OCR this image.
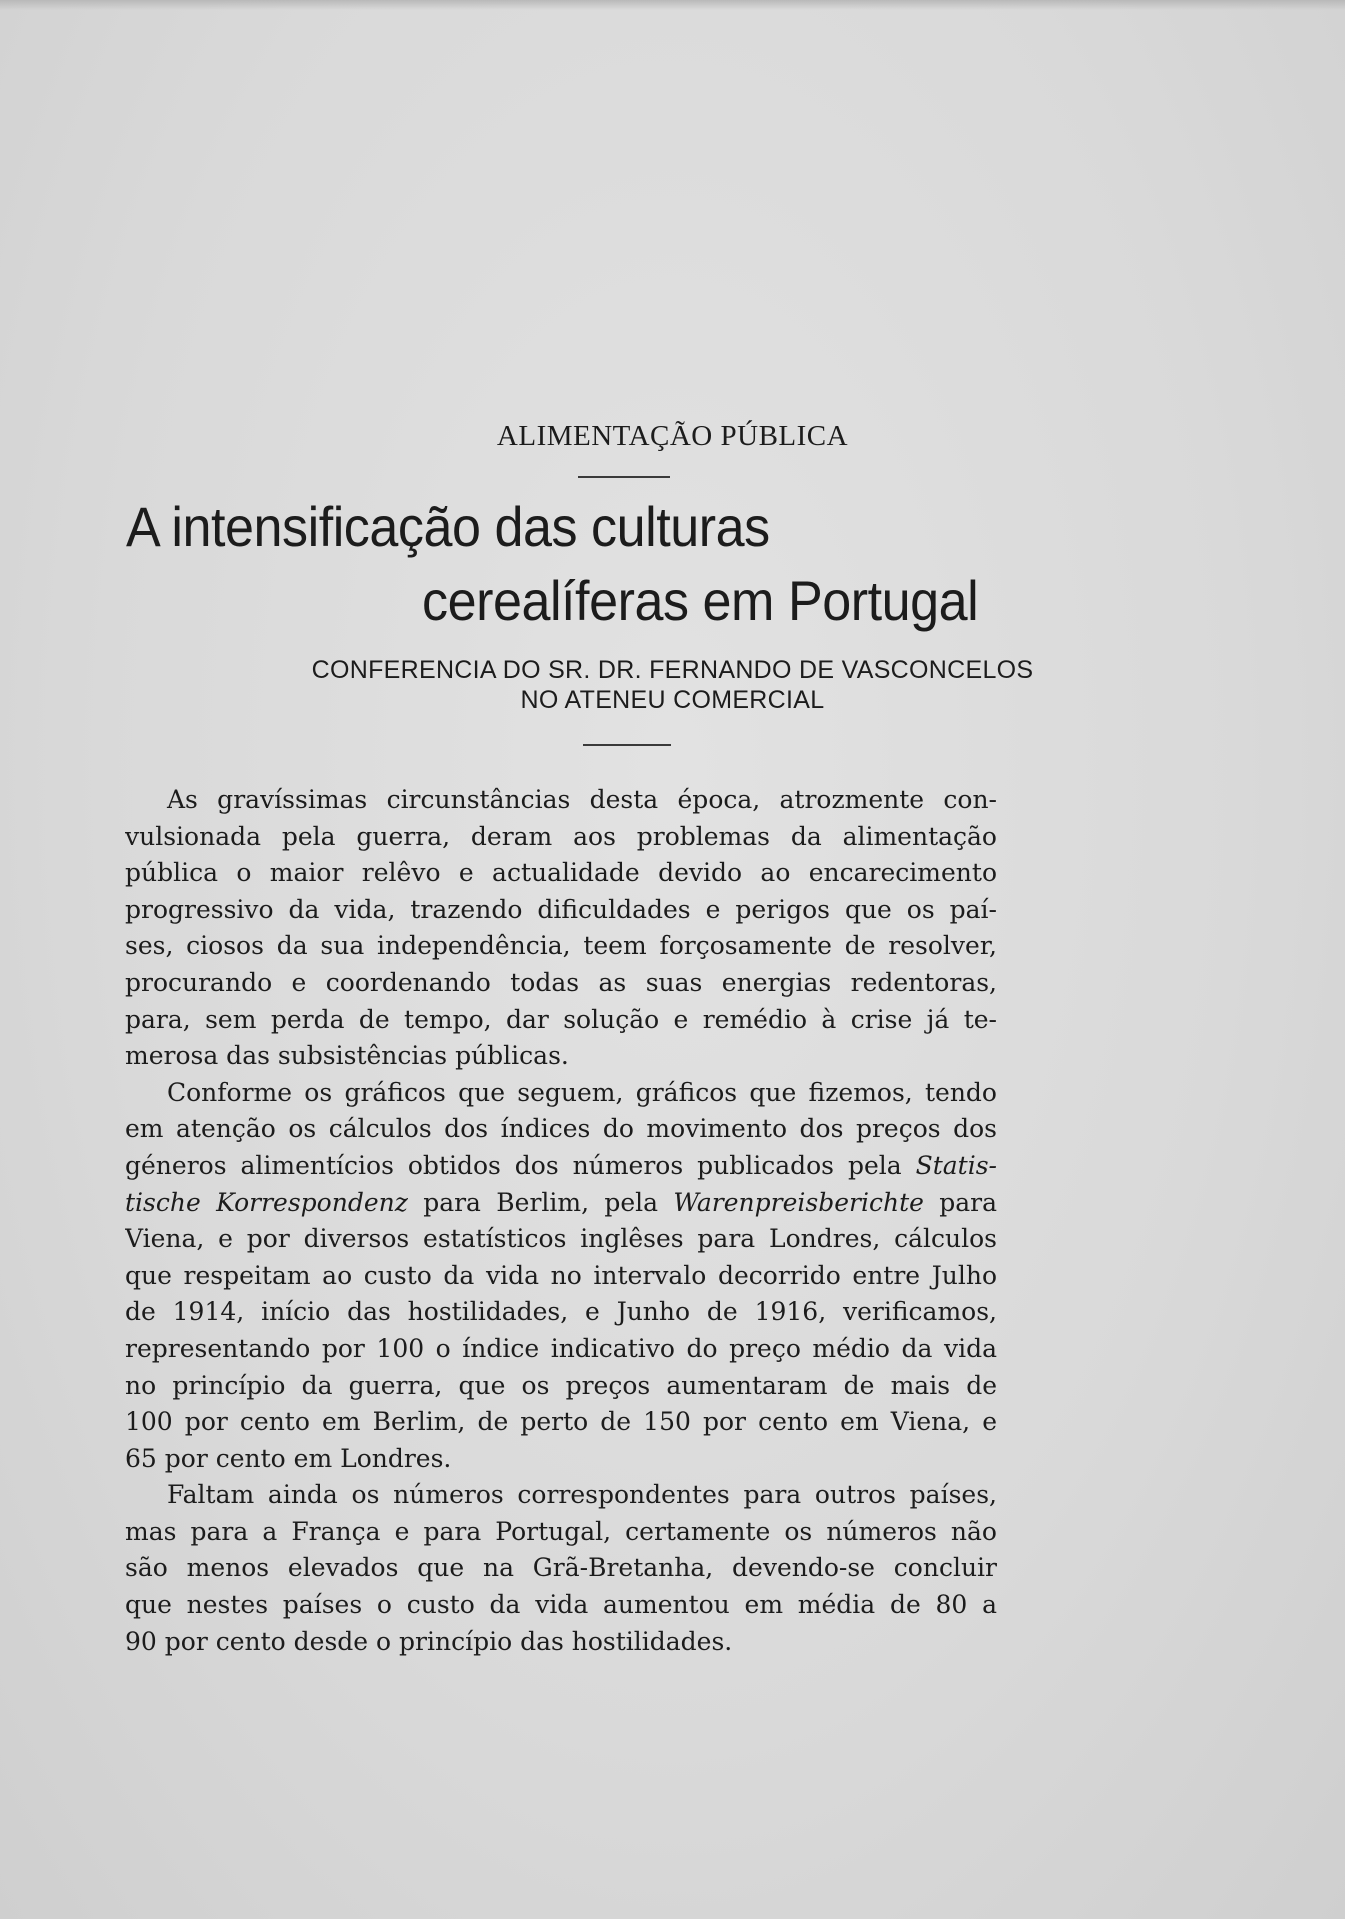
ALIMENTAÇÃO PÚBLICA
A intensificação das culturas
cerealíferas em Portugal
CONFERENCIA DO SR. DR. FERNANDO DE VASCONCELOS
NO ATENEU COMERCIAL
As gravíssimas circunstâncias desta época, atrozmente con-
vulsionada pela guerra, deram aos problemas da alimentação
pública o maior relêvo e actualidade devido ao encarecimento
progressivo da vida, trazendo dificuldades e perigos que os paí-
ses, ciosos da sua independência, teem forçosamente de resolver,
procurando e coordenando todas as suas energias redentoras,
para, sem perda de tempo, dar solução e remédio à crise já te-
merosa das subsistências públicas.
Conforme os gráficos que seguem, gráficos que fizemos, tendo
em atenção os cálculos dos índices do movimento dos preços dos
géneros alimentícios obtidos dos números publicados pela Statis-
tische Korrespondenz para Berlim, pela Warenpreisberichte para
Viena, e por diversos estatísticos inglêses para Londres, cálculos
que respeitam ao custo da vida no intervalo decorrido entre Julho
de 1914, início das hostilidades, e Junho de 1916, verificamos,
representando por 100 o índice indicativo do preço médio da vida
no princípio da guerra, que os preços aumentaram de mais de
100 por cento em Berlim, de perto de 150 por cento em Viena, e
65 por cento em Londres.
Faltam ainda os números correspondentes para outros países,
mas para a França e para Portugal, certamente os números não
são menos elevados que na Grã-Bretanha, devendo-se concluir
que nestes países o custo da vida aumentou em média de 80 a
90 por cento desde o princípio das hostilidades.
